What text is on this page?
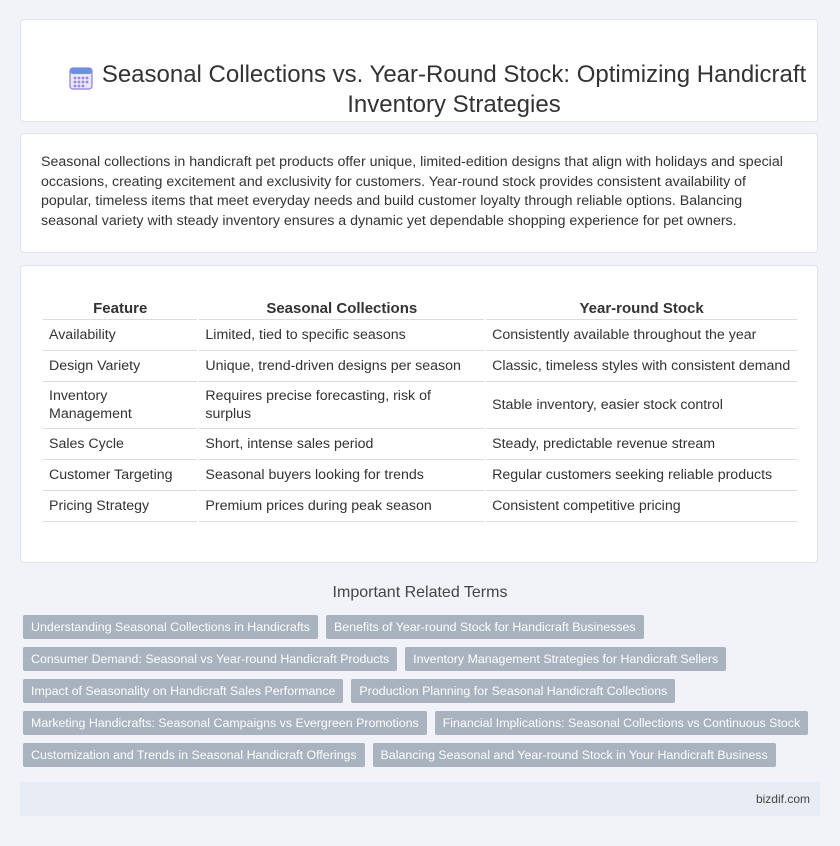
Seasonal Collections vs. Year-Round Stock: Optimizing Handicraft Inventory Strategies

Seasonal collections in handicraft pet products offer unique, limited-edition designs that align with holidays and special occasions, creating excitement and exclusivity for customers. Year-round stock provides consistent availability of popular, timeless items that meet everyday needs and build customer loyalty through reliable options. Balancing seasonal variety with steady inventory ensures a dynamic yet dependable shopping experience for pet owners.

Feature	Seasonal Collections	Year-round Stock
Availability	Limited, tied to specific seasons	Consistently available throughout the year
Design Variety	Unique, trend-driven designs per season	Classic, timeless styles with consistent demand
Inventory Management	Requires precise forecasting, risk of surplus	Stable inventory, easier stock control
Sales Cycle	Short, intense sales period	Steady, predictable revenue stream
Customer Targeting	Seasonal buyers looking for trends	Regular customers seeking reliable products
Pricing Strategy	Premium prices during peak season	Consistent competitive pricing
Important Related Terms
Understanding Seasonal Collections in Handicrafts	Benefits of Year-round Stock for Handicraft Businesses
Consumer Demand: Seasonal vs Year-round Handicraft Products	Inventory Management Strategies for Handicraft Sellers
Impact of Seasonality on Handicraft Sales Performance	Production Planning for Seasonal Handicraft Collections
Marketing Handicrafts: Seasonal Campaigns vs Evergreen Promotions	Financial Implications: Seasonal Collections vs Continuous Stock
Customization and Trends in Seasonal Handicraft Offerings	Balancing Seasonal and Year-round Stock in Your Handicraft Business
bizdif.com
